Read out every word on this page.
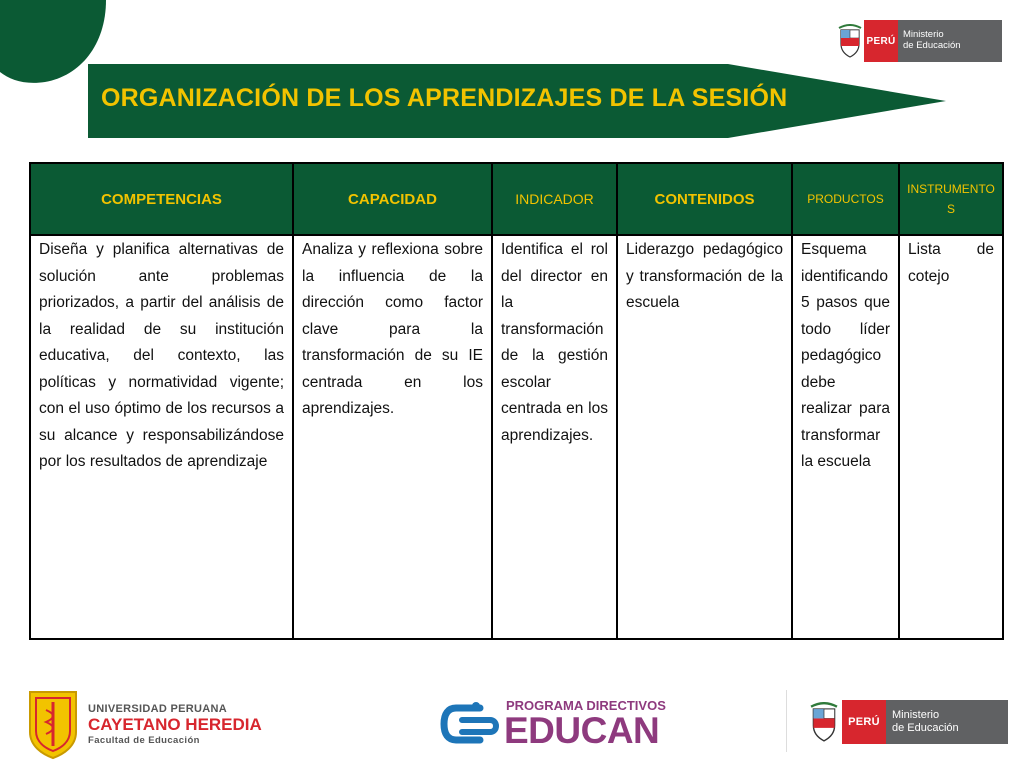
PERÚ
Ministerio
de Educación
ORGANIZACIÓN DE LOS APRENDIZAJES DE LA SESIÓN
COMPETENCIAS	CAPACIDAD	INDICADOR	CONTENIDOS	PRODUCTOS	INSTRUMENTOS
Diseña y planifica alternativas de solución ante problemas priorizados, a partir del análisis de la realidad de su institución educativa, del contexto, las políticas y normatividad vigente; con el uso óptimo de los recursos a su alcance y responsabilizándose por los resultados de aprendizaje	Analiza y reflexiona sobre la influencia de la dirección como factor clave para la transformación de su IE centrada en los aprendizajes.	Identifica el rol del director en la transformación de la gestión escolar centrada en los aprendizajes.	Liderazgo pedagógico y transformación de la escuela	Esquema identificando 5 pasos que todo líder pedagógico debe realizar para transformar la escuela	Lista de cotejo
UNIVERSIDAD PERUANA
CAYETANO HEREDIA
Facultad de Educación
PROGRAMA DIRECTIVOS
EDUCAN	PERÚ
Ministerio
de Educación
